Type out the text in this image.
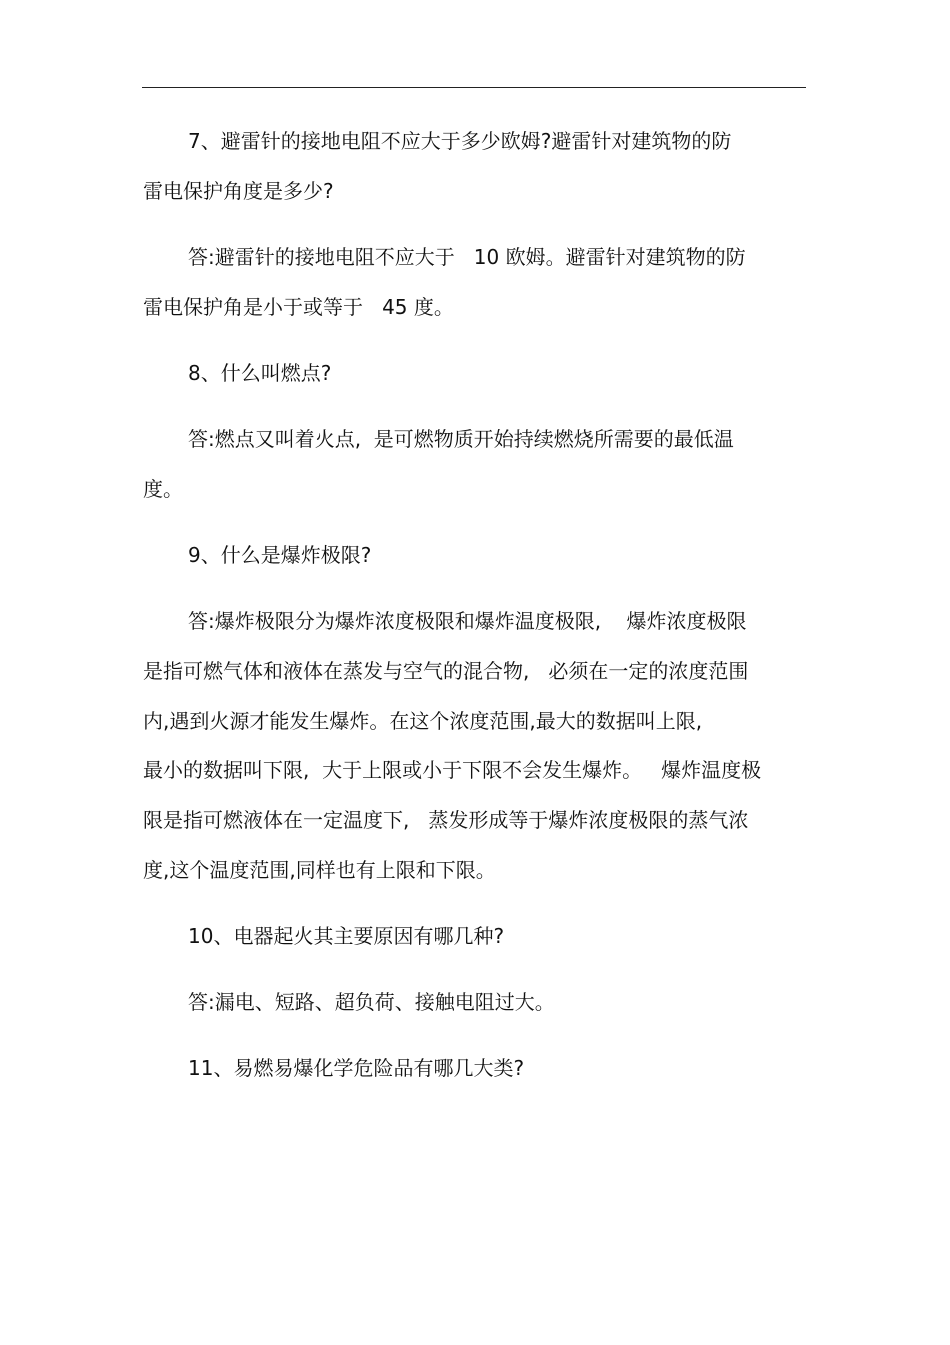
7、避雷针的接地电阻不应大于多少欧姆?避雷针对建筑物的防
雷电保护角度是多少?
答:避雷针的接地电阻不应大于   10 欧姆。避雷针对建筑物的防
雷电保护角是小于或等于   45 度。
8、什么叫燃点?
答:燃点又叫着火点,  是可燃物质开始持续燃烧所需要的最低温
度。
9、什么是爆炸极限?
答:爆炸极限分为爆炸浓度极限和爆炸温度极限,    爆炸浓度极限
是指可燃气体和液体在蒸发与空气的混合物,   必须在一定的浓度范围
内,遇到火源才能发生爆炸。在这个浓度范围,最大的数据叫上限,
最小的数据叫下限,  大于上限或小于下限不会发生爆炸。   爆炸温度极
限是指可燃液体在一定温度下,   蒸发形成等于爆炸浓度极限的蒸气浓
度,这个温度范围,同样也有上限和下限。
10、电器起火其主要原因有哪几种?
答:漏电、短路、超负荷、接触电阻过大。
11、易燃易爆化学危险品有哪几大类?
